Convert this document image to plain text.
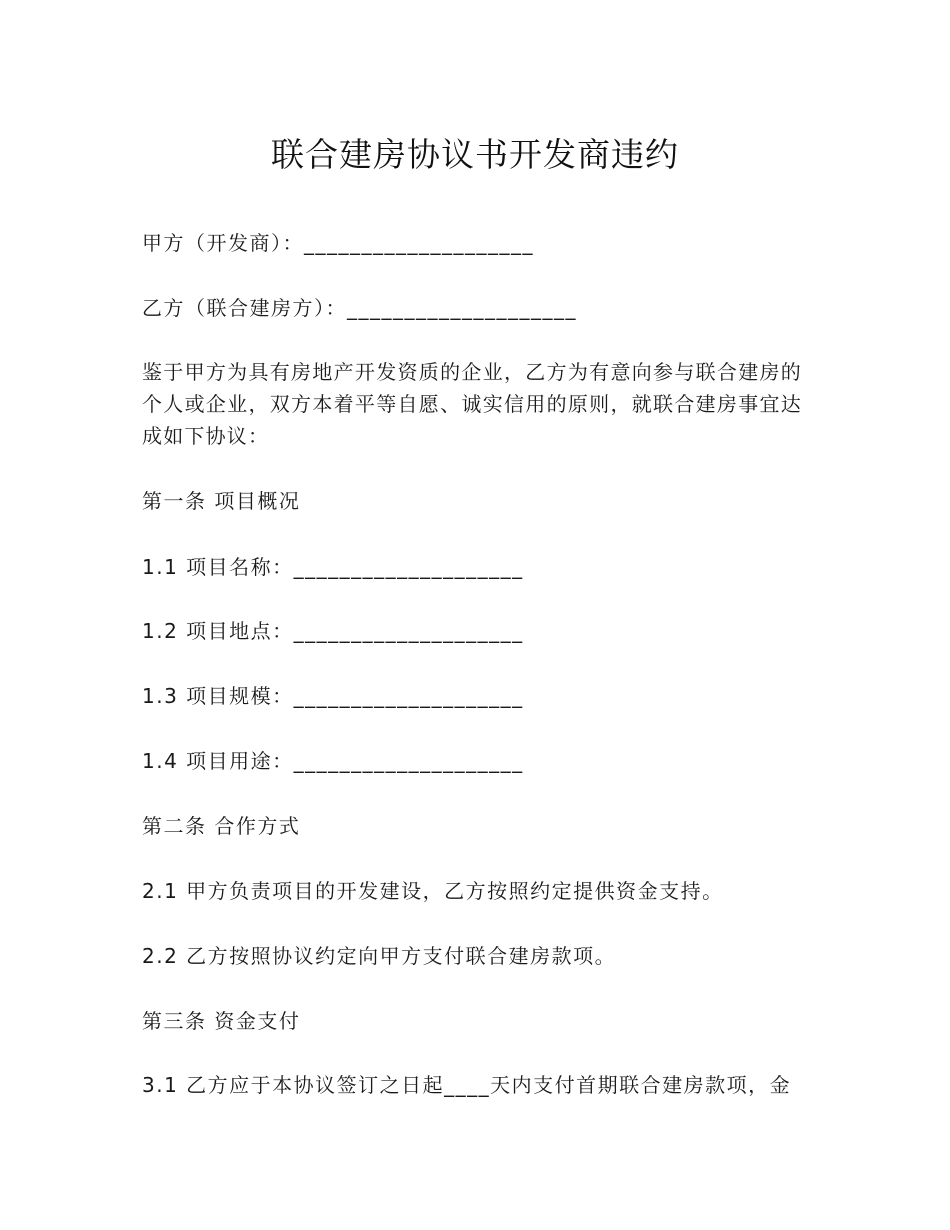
联合建房协议书开发商违约

甲方（开发商）：____________________

乙方（联合建房方）：____________________

鉴于甲方为具有房地产开发资质的企业，乙方为有意向参与联合建房的个人或企业，双方本着平等自愿、诚实信用的原则，就联合建房事宜达成如下协议：

第一条 项目概况

1.1 项目名称：____________________

1.2 项目地点：____________________

1.3 项目规模：____________________

1.4 项目用途：____________________

第二条 合作方式

2.1 甲方负责项目的开发建设，乙方按照约定提供资金支持。

2.2 乙方按照协议约定向甲方支付联合建房款项。

第三条 资金支付

3.1 乙方应于本协议签订之日起____天内支付首期联合建房款项，金
